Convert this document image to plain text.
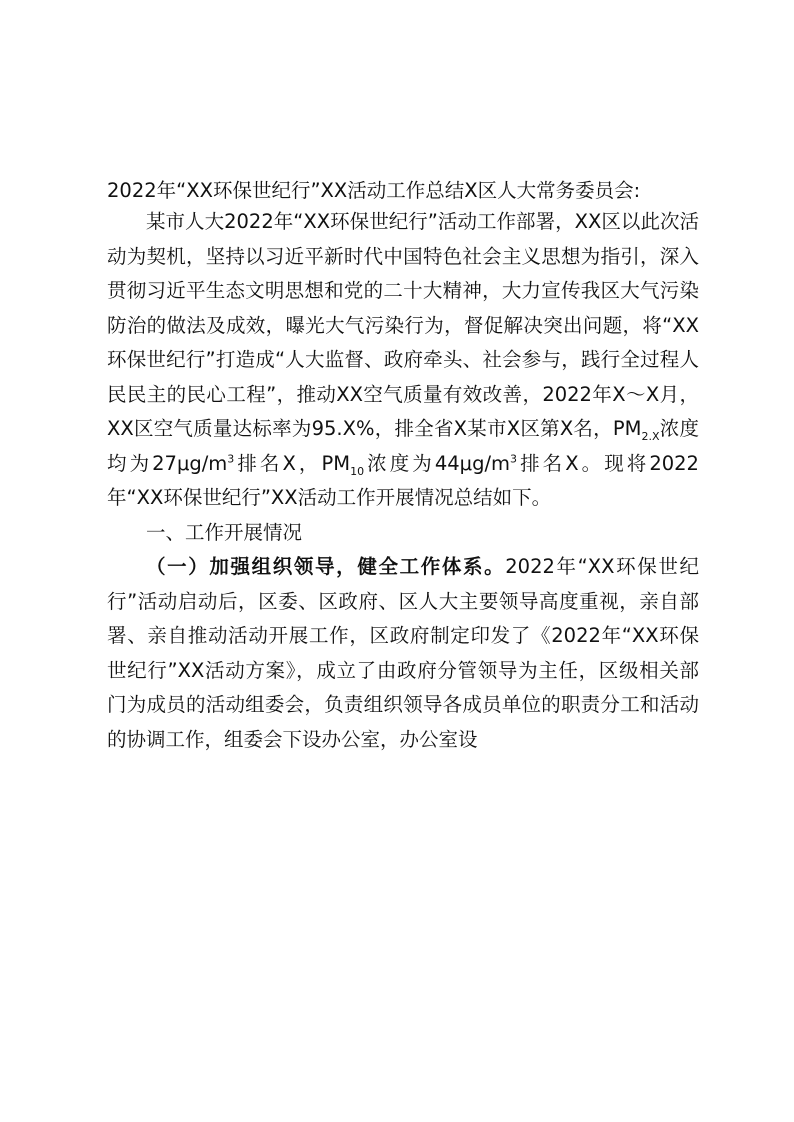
2022年“XX环保世纪行”XX活动工作总结X区人大常务委员会:

某市人大2022年“XX环保世纪行”活动工作部署，XX区以此次活动为契机，坚持以习近平新时代中国特色社会主义思想为指引，深入贯彻习近平生态文明思想和党的二十大精神，大力宣传我区大气污染防治的做法及成效，曝光大气污染行为，督促解决突出问题，将“XX环保世纪行”打造成“人大监督、政府牵头、社会参与，践行全过程人民民主的民心工程”，推动XX空气质量有效改善，2022年X～X月，XX区空气质量达标率为95.X%，排全省X某市X区第X名，$PM_{2.X}$浓度均为$27\mu g/m^3$排名X，$PM_{10}$浓度为$44\mu g/m^3$排名X。现将2022年“XX环保世纪行”XX活动工作开展情况总结如下。

一、工作开展情况

（一）加强组织领导，健全工作体系。2022年“XX环保世纪行”活动启动后，区委、区政府、区人大主要领导高度重视，亲自部署、亲自推动活动开展工作，区政府制定印发了《2022年“XX环保世纪行”XX活动方案》，成立了由政府分管领导为主任，区级相关部门为成员的活动组委会，负责组织领导各成员单位的职责分工和活动的协调工作，组委会下设办公室，办公室设
